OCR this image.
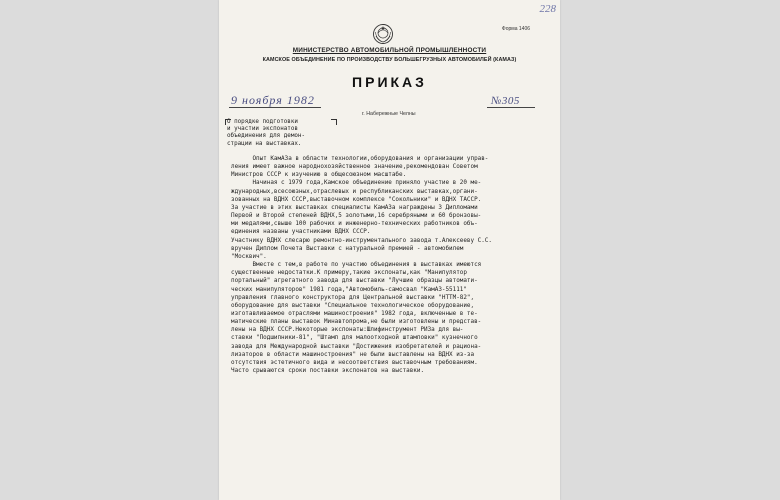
228
Форма 1406
МИНИСТЕРСТВО АВТОМОБИЛЬНОЙ ПРОМЫШЛЕННОСТИ
КАМСКОЕ ОБЪЕДИНЕНИЕ ПО ПРОИЗВОДСТВУ БОЛЬШЕГРУЗНЫХ АВТОМОБИЛЕЙ (КАМАЗ)
ПРИКАЗ
9 ноября 1982
г. Набережные Челны
№305
О порядке подготовки
и участии экспонатов
объединения для демон-
страции на выставках.
Опыт КамАЗа в области технологии,оборудования и организации управ-
ления имеет важное народнохозяйственное значение,рекомендован Советом
Министров СССР к изучению в общесоюзном масштабе.
Начиная с 1979 года,Камское объединение приняло участие в 20 ме-
ждународных,всесоюзных,отраслевых и республиканских выставках,органи-
зованных на ВДНХ СССР,выставочном комплексе "Сокольники" и ВДНХ ТАССР.
За участие в этих выставках специалисты КамАЗа награждены 3 Дипломами
Первой и Второй степеней ВДНХ,5 золотыми,16 серебряными и 60 бронзовы-
ми медалями,свыше 100 рабочих и инженерно-технических работников объ-
единения названы участниками ВДНХ СССР.
Участнику ВДНХ слесарю ремонтно-инструментального завода т.Алексееву С.С.
вручен Диплом Почета Выставки с натуральной премией - автомобилем
"Москвич".
Вместе с тем,в работе по участию объединения в выставках имеются
существенные недостатки.К примеру,такие экспонаты,как "Манипулятор
портальный" агрегатного завода для выставки "Лучшие образцы автомати-
ческих манипуляторов" 1981 года,"Автомобиль-самосвал "КамАЗ-55111"
управления главного конструктора для Центральной выставки "НТТМ-82",
оборудование для выставки "Специальное технологическое оборудование,
изготавливаемое отраслями машиностроения" 1982 года, включенные в те-
матические планы выставок Минавтопрома,не были изготовлены и представ-
лены на ВДНХ СССР.Некоторые экспонаты:Шлифинструмент РИЗа для вы-
ставки "Подшипники-81", "Штамп для малоотходной штамповки" кузнечного
завода для Международной выставки "Достижения изобретателей и рациона-
лизаторов в области машиностроения" не были выставлены на ВДНХ из-за
отсутствия эстетичного вида и несоответствия выставочным требованиям.
Часто срываются сроки поставки экспонатов на выставки.
